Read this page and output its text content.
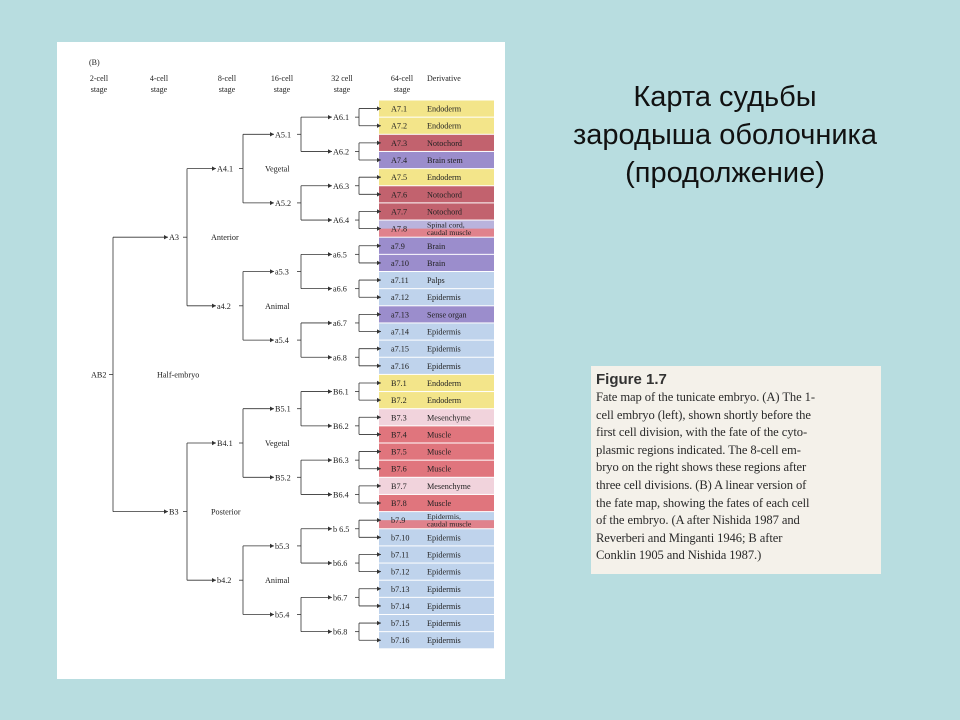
Карта судьбы
зародыша оболочника
(продолжение)
(B)
2-cell
stage
4-cell
stage
8-cell
stage
16-cell
stage
32 cell
stage
64-cell
stage
Derivative
A7.1 Endoderm
A7.2 Endoderm
A7.3 Notochord
A7.4 Brain stem
A7.5 Endoderm
A7.6 Notochord
A7.7 Notochord
A7.8	Spinal cord,
caudal muscle
a7.9	Brain
a7.10 Brain
a7.11 Palps
a7.12 Epidermis
a7.13 Sense organ
a7.14 Epidermis
a7.15 Epidermis
a7.16 Epidermis
B7.1 Endoderm
B7.2 Endoderm
B7.3 Mesenchyme
B7.4 Muscle
B7.5 Muscle
B7.6 Muscle
B7.7 Mesenchyme
B7.8 Muscle
b7.9	Epidermis,
caudal muscle
b7.10 Epidermis
b7.11 Epidermis
b7.12 Epidermis
b7.13 Epidermis
b7.14 Epidermis
b7.15 Epidermis
b7.16 Epidermis
A6.1
A6.2
A6.3
A6.4
a6.5
a6.6
a6.7
a6.8
B6.1
B6.2
B6.3
B6.4
b 6.5
b6.6
b6.7
b6.8
A5.1
A5.2
a5.3
a5.4
B5.1
B5.2
b5.3
b5.4
A4.1	Vegetal
a4.2	Animal
B4.1	Vegetal
b4.2	Animal
A3	Anterior
B3	Posterior
AB2	Half-embryo	Figure 1.7
Fate map of the tunicate embryo. (A) The 1-
cell embryo (left), shown shortly before the
first cell division, with the fate of the cyto-
plasmic regions indicated. The 8-cell em-
bryo on the right shows these regions after
three cell divisions. (B) A linear version of
the fate map, showing the fates of each cell
of the embryo. (A after Nishida 1987 and
Reverberi and Minganti 1946; B after
Conklin 1905 and Nishida 1987.)
